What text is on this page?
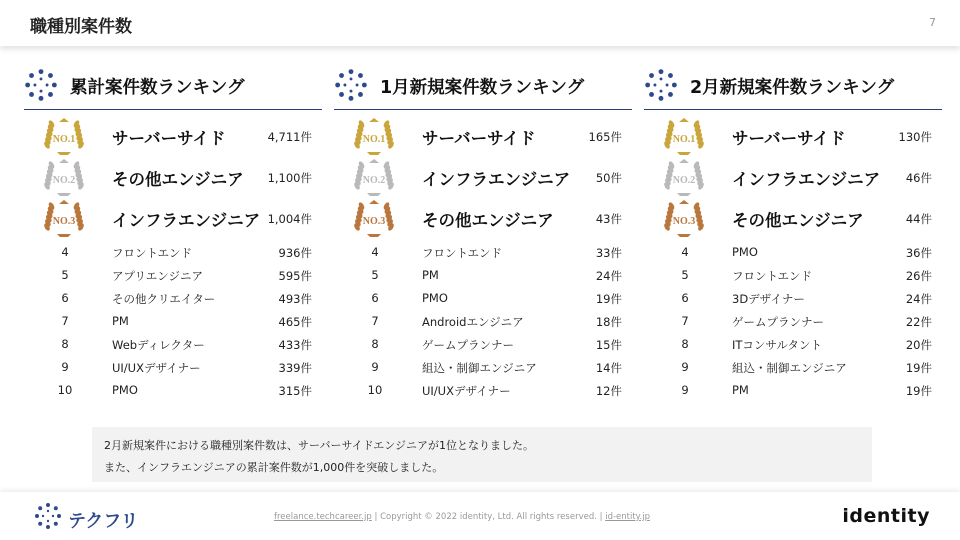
職種別案件数	7
累計案件数ランキング
NO.1 サーバーサイド	4,711件
NO.2 その他エンジニア 1,100件
NO.3 インフラエンジニア 1,004件
4	フロントエンド	936件
5	アプリエンジニア	595件
6	その他クリエイター	493件
7	PM	465件
8	Webディレクター	433件
9	UI/UXデザイナー	339件
10	PMO	315件
1月新規案件数ランキング
NO.1 サーバーサイド	165件
NO.2 インフラエンジニア 50件
NO.3 その他エンジニア	43件
4	フロントエンド	33件
5	PM	24件
6	PMO	19件
7	Androidエンジニア	18件
8	ゲームプランナー	15件
9	組込・制御エンジニア	14件
10	UI/UXデザイナー	12件
2月新規案件数ランキング
NO.1 サーバーサイド	130件
NO.2 インフラエンジニア 46件
NO.3 その他エンジニア	44件
4	PMO	36件
5	フロントエンド	26件
6	3Dデザイナー	24件
7	ゲームプランナー	22件
8	ITコンサルタント	20件
9	組込・制御エンジニア	19件
9	PM	19件
2月新規案件における職種別案件数は、サーバーサイドエンジニアが1位となりました。
また、インフラエンジニアの累計案件数が1,000件を突破しました。
テクフリ	freelance.techcareer.jp | Copyright © 2022 identity, Ltd. All rights reserved. | id-entity.jp	identity
